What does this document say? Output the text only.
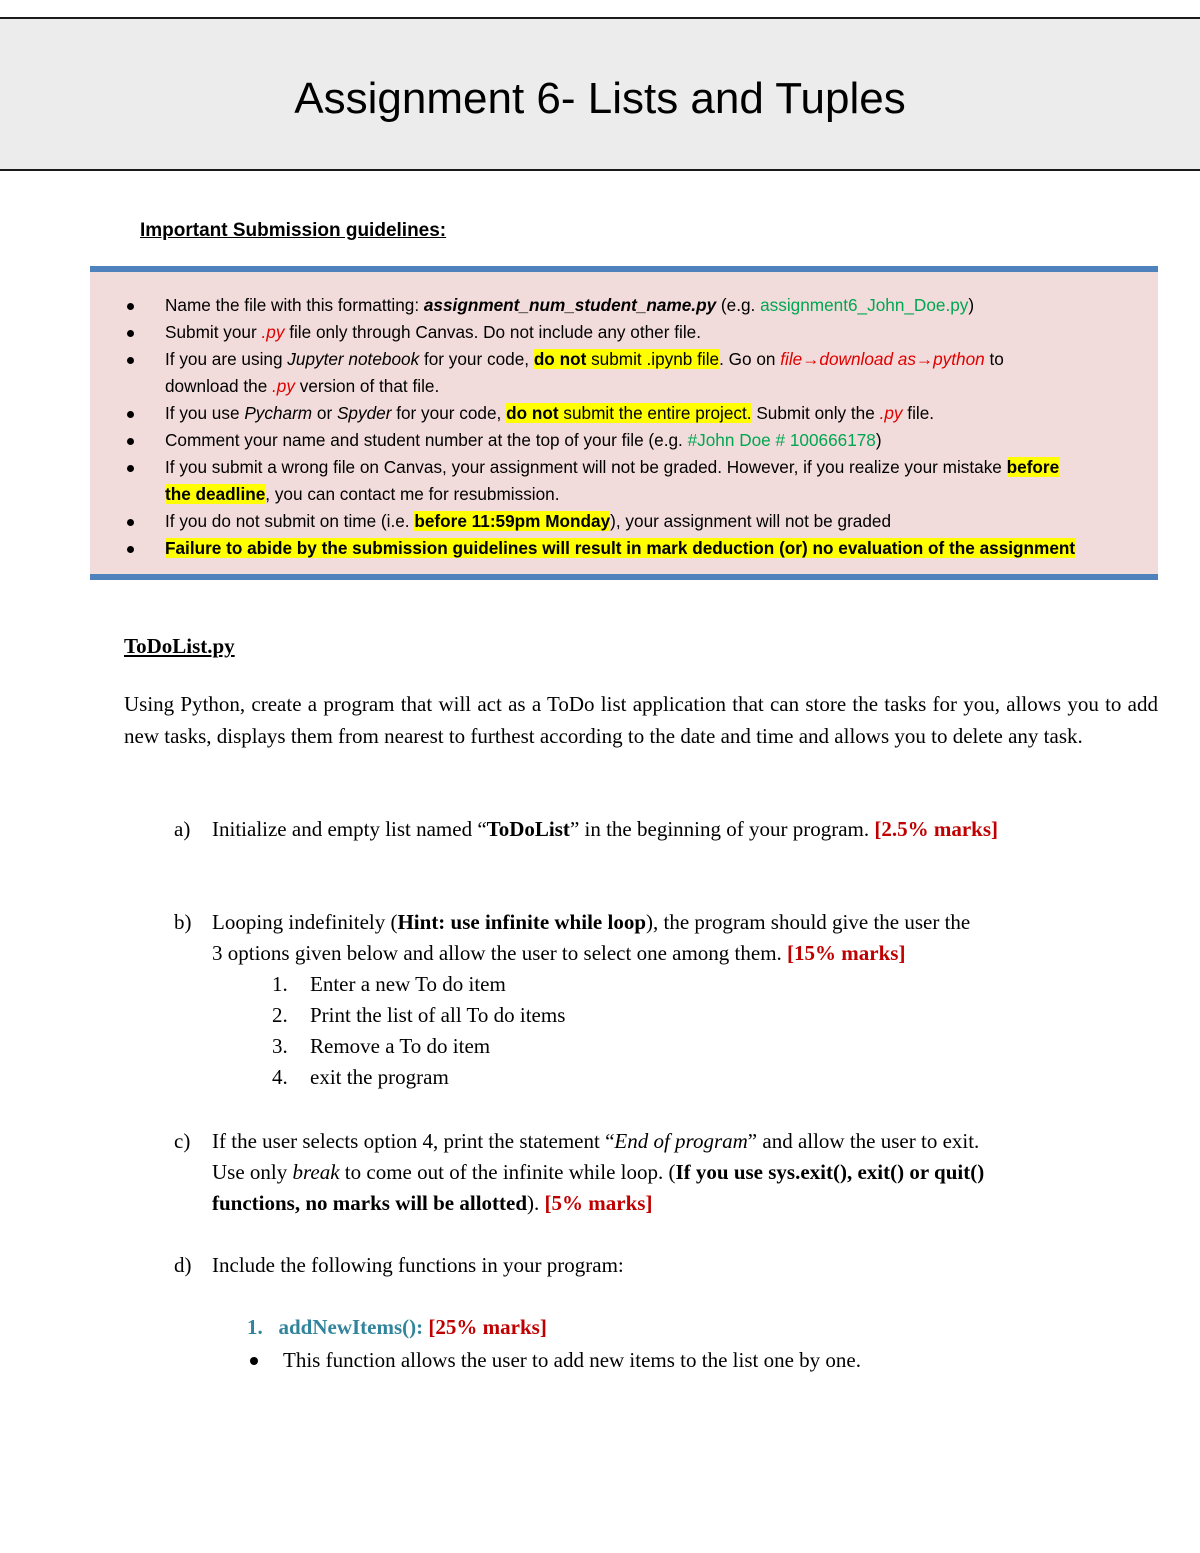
Assignment 6- Lists and Tuples
Important Submission guidelines:
Name the file with this formatting: assignment_num_student_name.py (e.g. assignment6_John_Doe.py)
Submit your .py file only through Canvas. Do not include any other file.
If you are using Jupyter notebook for your code, do not submit .ipynb file. Go on file→download as→python to
download the .py version of that file.
If you use Pycharm or Spyder for your code, do not submit the entire project. Submit only the .py file.
Comment your name and student number at the top of your file (e.g. #John Doe # 100666178)
If you submit a wrong file on Canvas, your assignment will not be graded. However, if you realize your mistake before
the deadline, you can contact me for resubmission.
If you do not submit on time (i.e. before 11:59pm Monday), your assignment will not be graded
Failure to abide by the submission guidelines will result in mark deduction (or) no evaluation of the assignment
ToDoList.py
Using Python, create a program that will act as a ToDo list application that can store the tasks for you, allows you to add new tasks, displays them from nearest to furthest according to the date and time and allows you to delete any task.
a) Initialize and empty list named “ToDoList” in the beginning of your program. [2.5% marks]
b) Looping indefinitely (Hint: use infinite while loop), the program should give the user the
3 options given below and allow the user to select one among them. [15% marks]
1. Enter a new To do item
2. Print the list of all To do items
3. Remove a To do item
4. exit the program
c) If the user selects option 4, print the statement “End of program” and allow the user to exit.
Use only break to come out of the infinite while loop. (If you use sys.exit(), exit() or quit()
functions, no marks will be allotted). [5% marks]
d) Include the following functions in your program:
1. addNewItems(): [25% marks]
This function allows the user to add new items to the list one by one.
